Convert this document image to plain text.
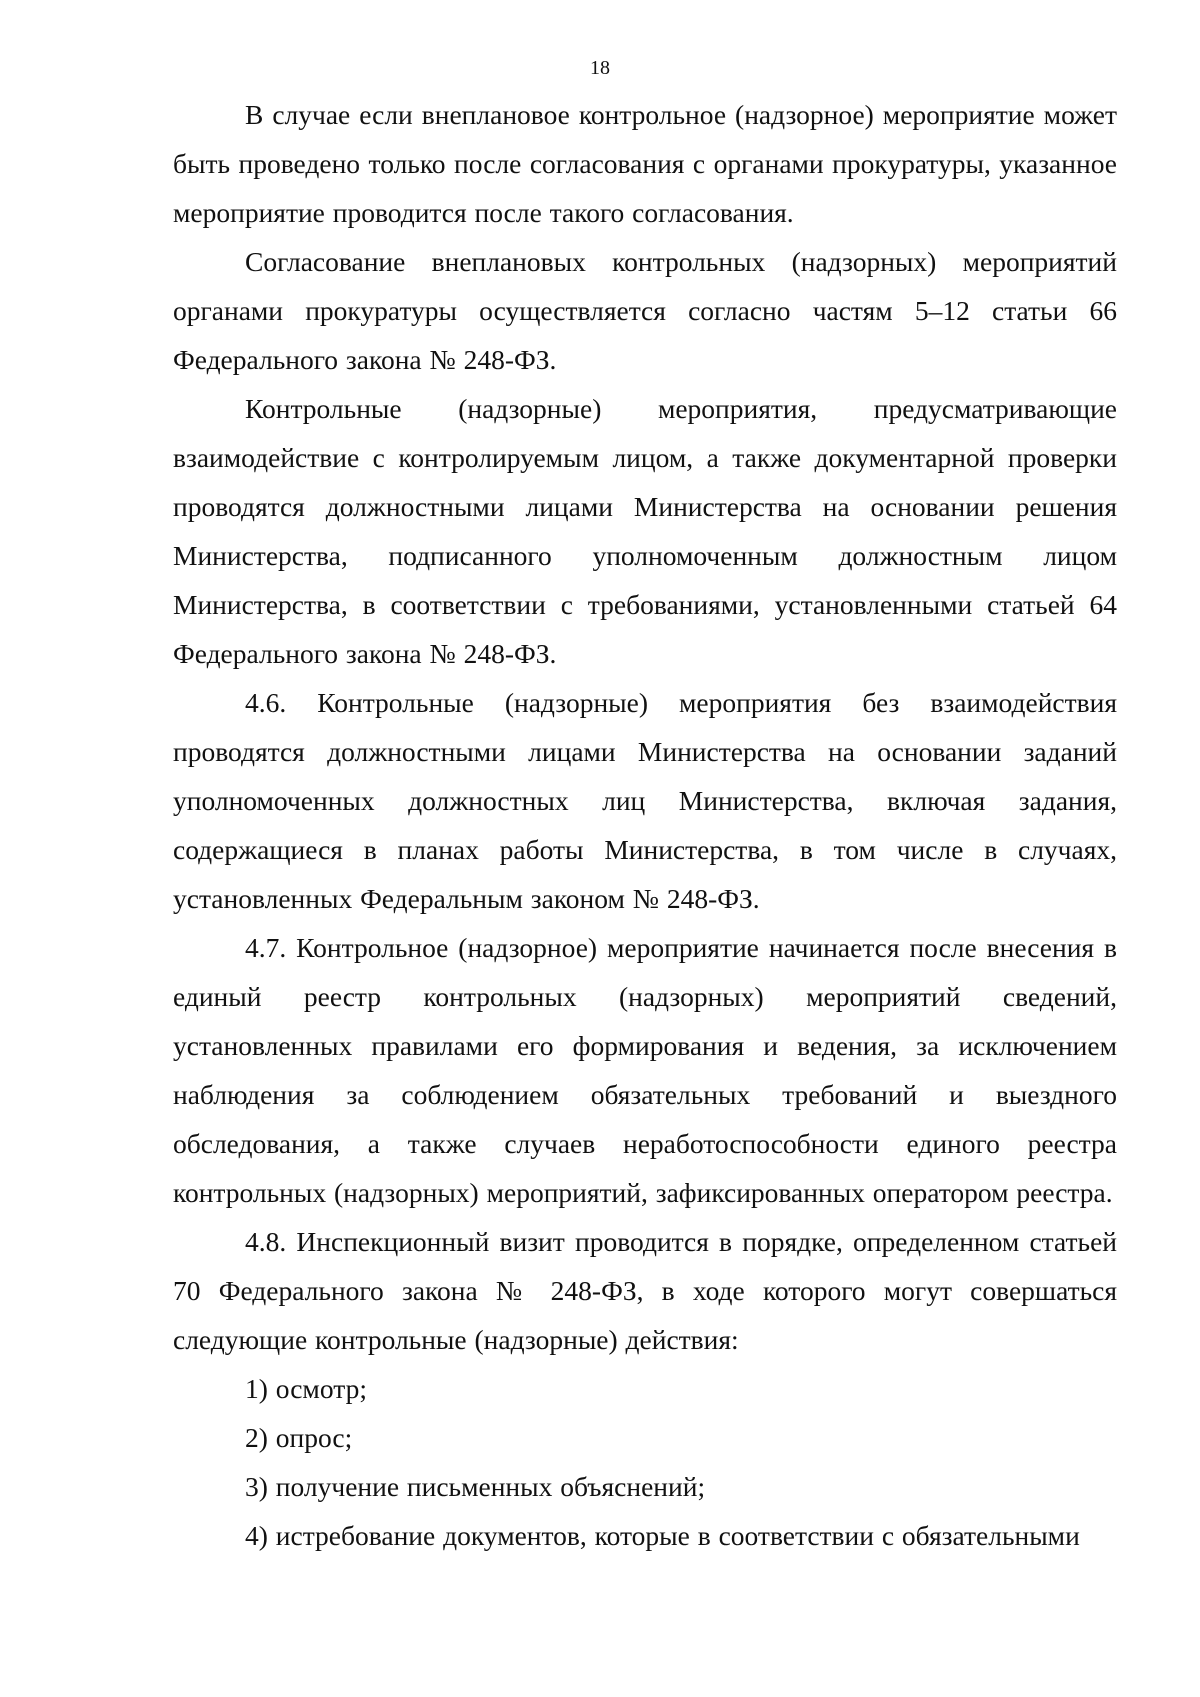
18

В случае если внеплановое контрольное (надзорное) мероприятие может быть проведено только после согласования с органами прокуратуры, указанное мероприятие проводится после такого согласования.

Согласование внеплановых контрольных (надзорных) мероприятий органами прокуратуры осуществляется согласно частям 5–12 статьи 66 Федерального закона № 248-ФЗ.

Контрольные (надзорные) мероприятия, предусматривающие взаимодействие с контролируемым лицом, а также документарной проверки проводятся должностными лицами Министерства на основании решения Министерства, подписанного уполномоченным должностным лицом Министерства, в соответствии с требованиями, установленными статьей 64 Федерального закона № 248-ФЗ.

4.6. Контрольные (надзорные) мероприятия без взаимодействия проводятся должностными лицами Министерства на основании заданий уполномоченных должностных лиц Министерства, включая задания, содержащиеся в планах работы Министерства, в том числе в случаях, установленных Федеральным законом № 248-ФЗ.

4.7. Контрольное (надзорное) мероприятие начинается после внесения в единый реестр контрольных (надзорных) мероприятий сведений, установленных правилами его формирования и ведения, за исключением наблюдения за соблюдением обязательных требований и выездного обследования, а также случаев неработоспособности единого реестра контрольных (надзорных) мероприятий, зафиксированных оператором реестра.

4.8. Инспекционный визит проводится в порядке, определенном статьей 70 Федерального закона № 248-ФЗ, в ходе которого могут совершаться следующие контрольные (надзорные) действия:

1) осмотр;

2) опрос;

3) получение письменных объяснений;

4) истребование документов, которые в соответствии с обязательными
